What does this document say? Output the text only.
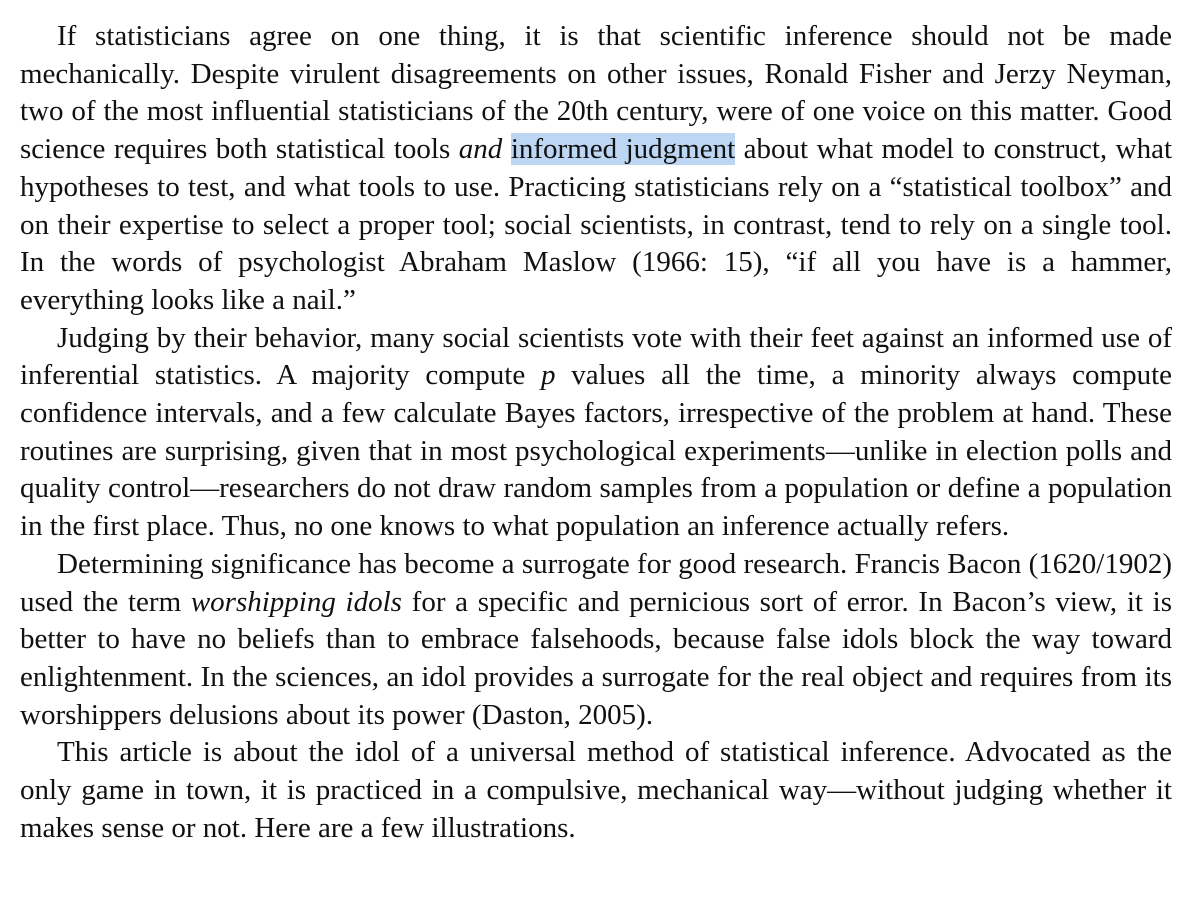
If statisticians agree on one thing, it is that scientific inference should not be made mechanically. Despite virulent disagreements on other issues, Ronald Fisher and Jerzy Neyman, two of the most influential statisticians of the 20th century, were of one voice on this matter. Good science requires both statistical tools and informed judgment about what model to construct, what hypotheses to test, and what tools to use. Practicing statisticians rely on a “statistical toolbox” and on their expertise to select a proper tool; social scientists, in contrast, tend to rely on a single tool. In the words of psychologist Abraham Maslow (1966: 15), “if all you have is a hammer, everything looks like a nail.”

Judging by their behavior, many social scientists vote with their feet against an informed use of inferential statistics. A majority compute p values all the time, a minority always compute confidence intervals, and a few calculate Bayes factors, irrespective of the problem at hand. These routines are surprising, given that in most psychological experiments—unlike in election polls and quality control—researchers do not draw random samples from a population or define a population in the first place. Thus, no one knows to what population an inference actually refers.

Determining significance has become a surrogate for good research. Francis Bacon (1620/1902) used the term worshipping idols for a specific and pernicious sort of error. In Bacon’s view, it is better to have no beliefs than to embrace falsehoods, because false idols block the way toward enlightenment. In the sciences, an idol provides a surrogate for the real object and requires from its worshippers delusions about its power (Daston, 2005).

This article is about the idol of a universal method of statistical inference. Advocated as the only game in town, it is practiced in a compulsive, mechanical way—without judging whether it makes sense or not. Here are a few illustrations.
